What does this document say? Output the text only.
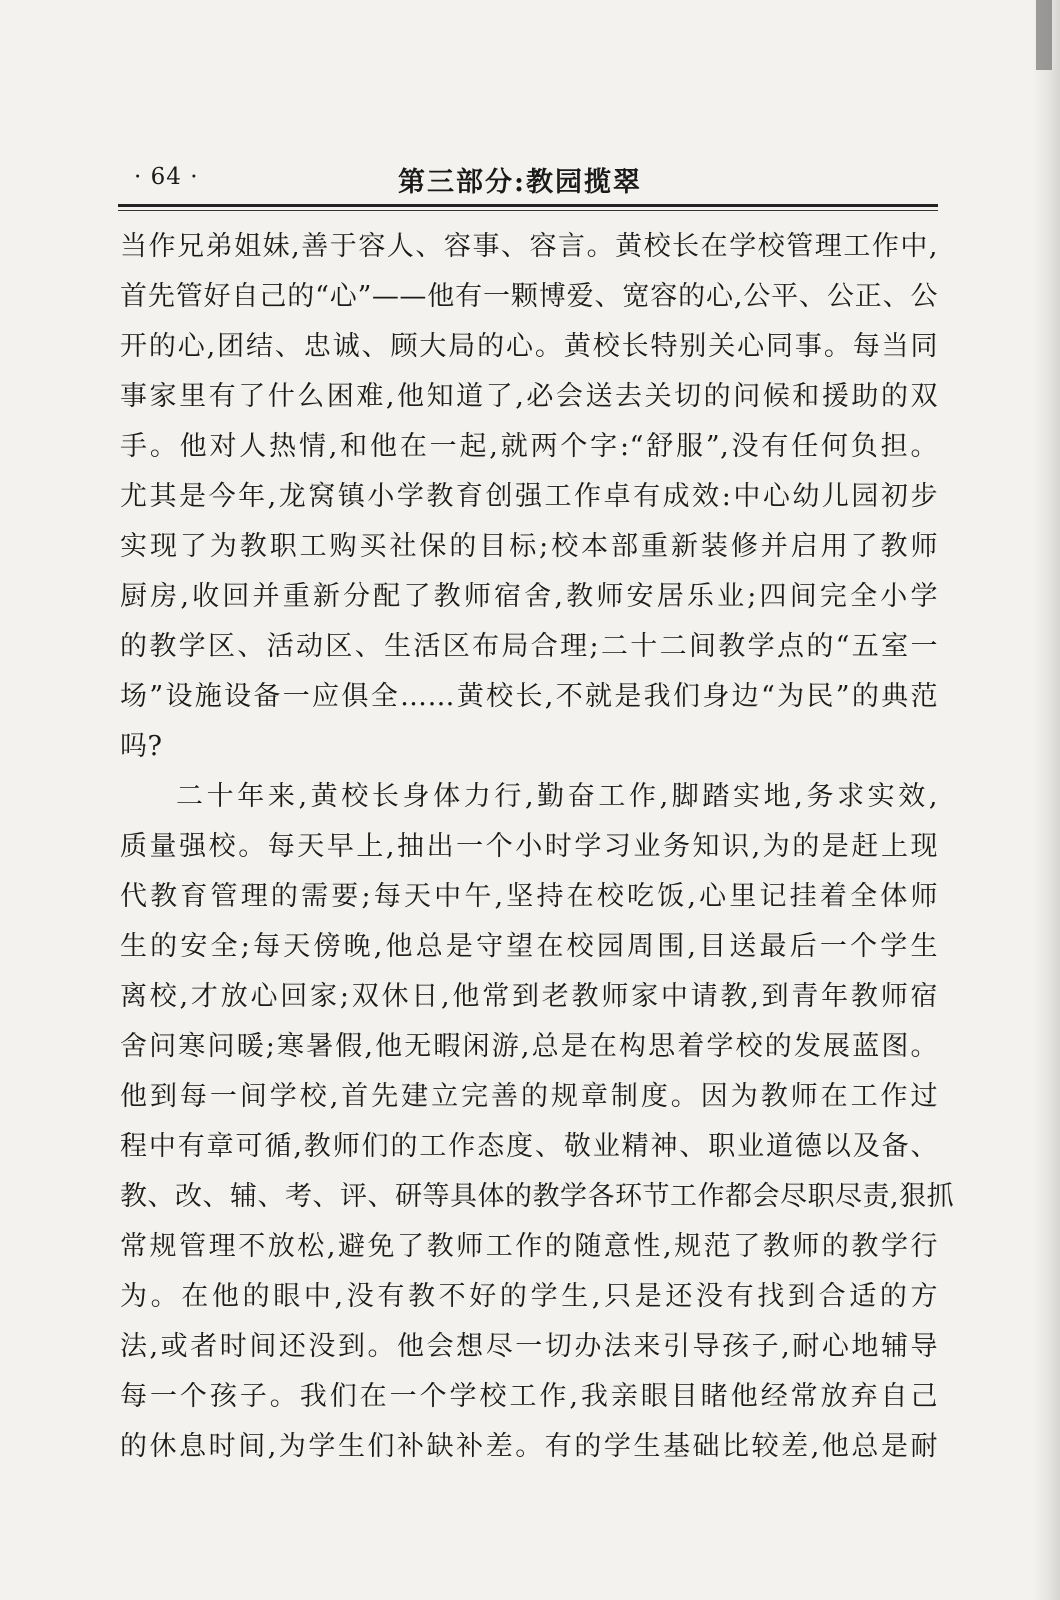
· 64 ·	第三部分:教园揽翠
当作兄弟姐妹,善于容人、容事、容言。黄校长在学校管理工作中,
首先管好自己的“心”——他有一颗博爱、宽容的心,公平、公正、公
开的心,团结、忠诚、顾大局的心。黄校长特别关心同事。每当同
事家里有了什么困难,他知道了,必会送去关切的问候和援助的双
手。他对人热情,和他在一起,就两个字:“舒服”,没有任何负担。
尤其是今年,龙窝镇小学教育创强工作卓有成效:中心幼儿园初步
实现了为教职工购买社保的目标;校本部重新装修并启用了教师
厨房,收回并重新分配了教师宿舍,教师安居乐业;四间完全小学
的教学区、活动区、生活区布局合理;二十二间教学点的“五室一
场”设施设备一应俱全……黄校长,不就是我们身边“为民”的典范
吗?
二十年来,黄校长身体力行,勤奋工作,脚踏实地,务求实效,
质量强校。每天早上,抽出一个小时学习业务知识,为的是赶上现
代教育管理的需要;每天中午,坚持在校吃饭,心里记挂着全体师
生的安全;每天傍晚,他总是守望在校园周围,目送最后一个学生
离校,才放心回家;双休日,他常到老教师家中请教,到青年教师宿
舍问寒问暖;寒暑假,他无暇闲游,总是在构思着学校的发展蓝图。
他到每一间学校,首先建立完善的规章制度。因为教师在工作过
程中有章可循,教师们的工作态度、敬业精神、职业道德以及备、
教、改、辅、考、评、研等具体的教学各环节工作都会尽职尽责,狠抓
常规管理不放松,避免了教师工作的随意性,规范了教师的教学行
为。在他的眼中,没有教不好的学生,只是还没有找到合适的方
法,或者时间还没到。他会想尽一切办法来引导孩子,耐心地辅导
每一个孩子。我们在一个学校工作,我亲眼目睹他经常放弃自己
的休息时间,为学生们补缺补差。有的学生基础比较差,他总是耐
